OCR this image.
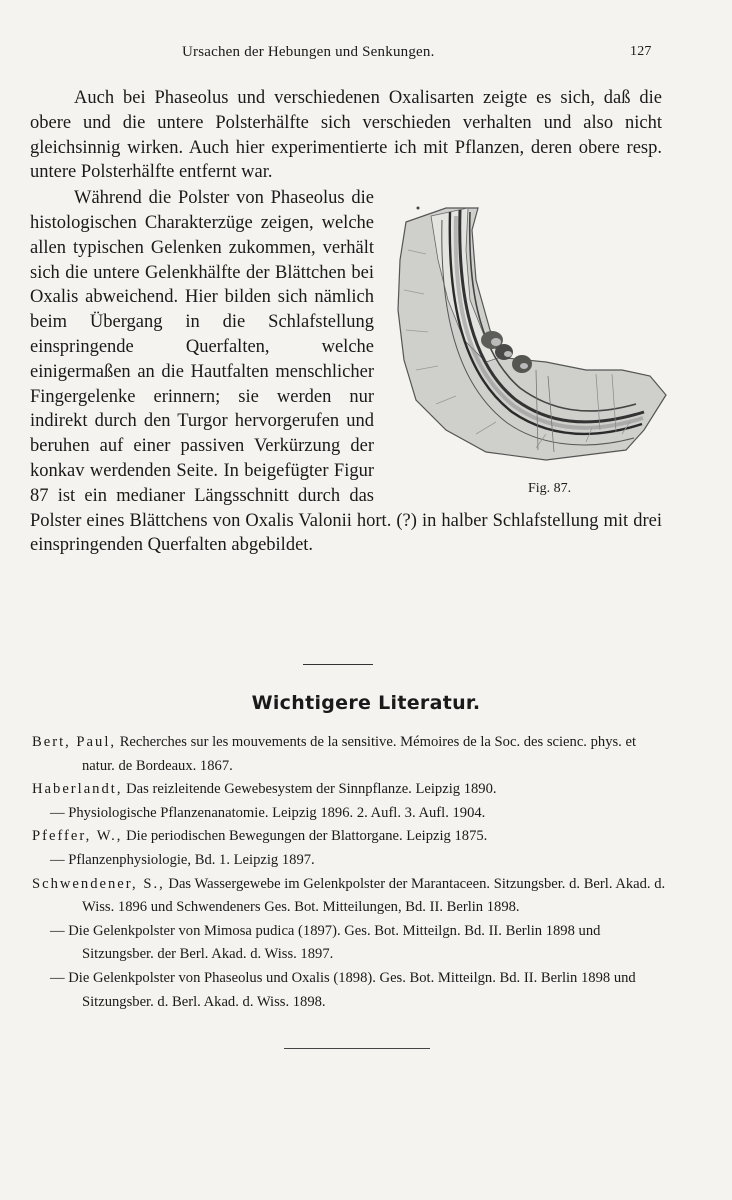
Ursachen der Hebungen und Senkungen.	127

Auch bei Phaseolus und verschiedenen Oxalisarten zeigte es sich, daß die obere und die untere Polsterhälfte sich verschieden verhalten und also nicht gleichsinnig wirken. Auch hier experimentierte ich mit Pflanzen, deren obere resp. untere Polsterhälfte entfernt war.

Fig. 87.
Während die Polster von Phaseolus die histologischen Charakterzüge zeigen, welche allen typischen Gelenken zukommen, verhält sich die untere Gelenkhälfte der Blättchen bei Oxalis abweichend. Hier bilden sich nämlich beim Übergang in die Schlafstellung einspringende Querfalten, welche einigermaßen an die Hautfalten menschlicher Fingergelenke erinnern; sie werden nur indirekt durch den Turgor hervorgerufen und beruhen auf einer passiven Verkürzung der konkav werdenden Seite. In beigefügter Figur 87 ist ein medianer Längsschnitt durch das Polster eines Blättchens von Oxalis Valonii hort. (?) in halber Schlafstellung mit drei einspringenden Querfalten abgebildet.

Wichtigere Literatur.

Bert, Paul, Recherches sur les mouvements de la sensitive. Mémoires de la Soc. des scienc. phys. et natur. de Bordeaux. 1867.

Haberlandt, Das reizleitende Gewebesystem der Sinnpflanze. Leipzig 1890.

— Physiologische Pflanzenanatomie. Leipzig 1896. 2. Aufl. 3. Aufl. 1904.

Pfeffer, W., Die periodischen Bewegungen der Blattorgane. Leipzig 1875.

— Pflanzenphysiologie, Bd. 1. Leipzig 1897.

Schwendener, S., Das Wassergewebe im Gelenkpolster der Marantaceen. Sitzungsber. d. Berl. Akad. d. Wiss. 1896 und Schwendeners Ges. Bot. Mitteilungen, Bd. II. Berlin 1898.

— Die Gelenkpolster von Mimosa pudica (1897). Ges. Bot. Mitteilgn. Bd. II. Berlin 1898 und Sitzungsber. der Berl. Akad. d. Wiss. 1897.

— Die Gelenkpolster von Phaseolus und Oxalis (1898). Ges. Bot. Mitteilgn. Bd. II. Berlin 1898 und Sitzungsber. d. Berl. Akad. d. Wiss. 1898.
